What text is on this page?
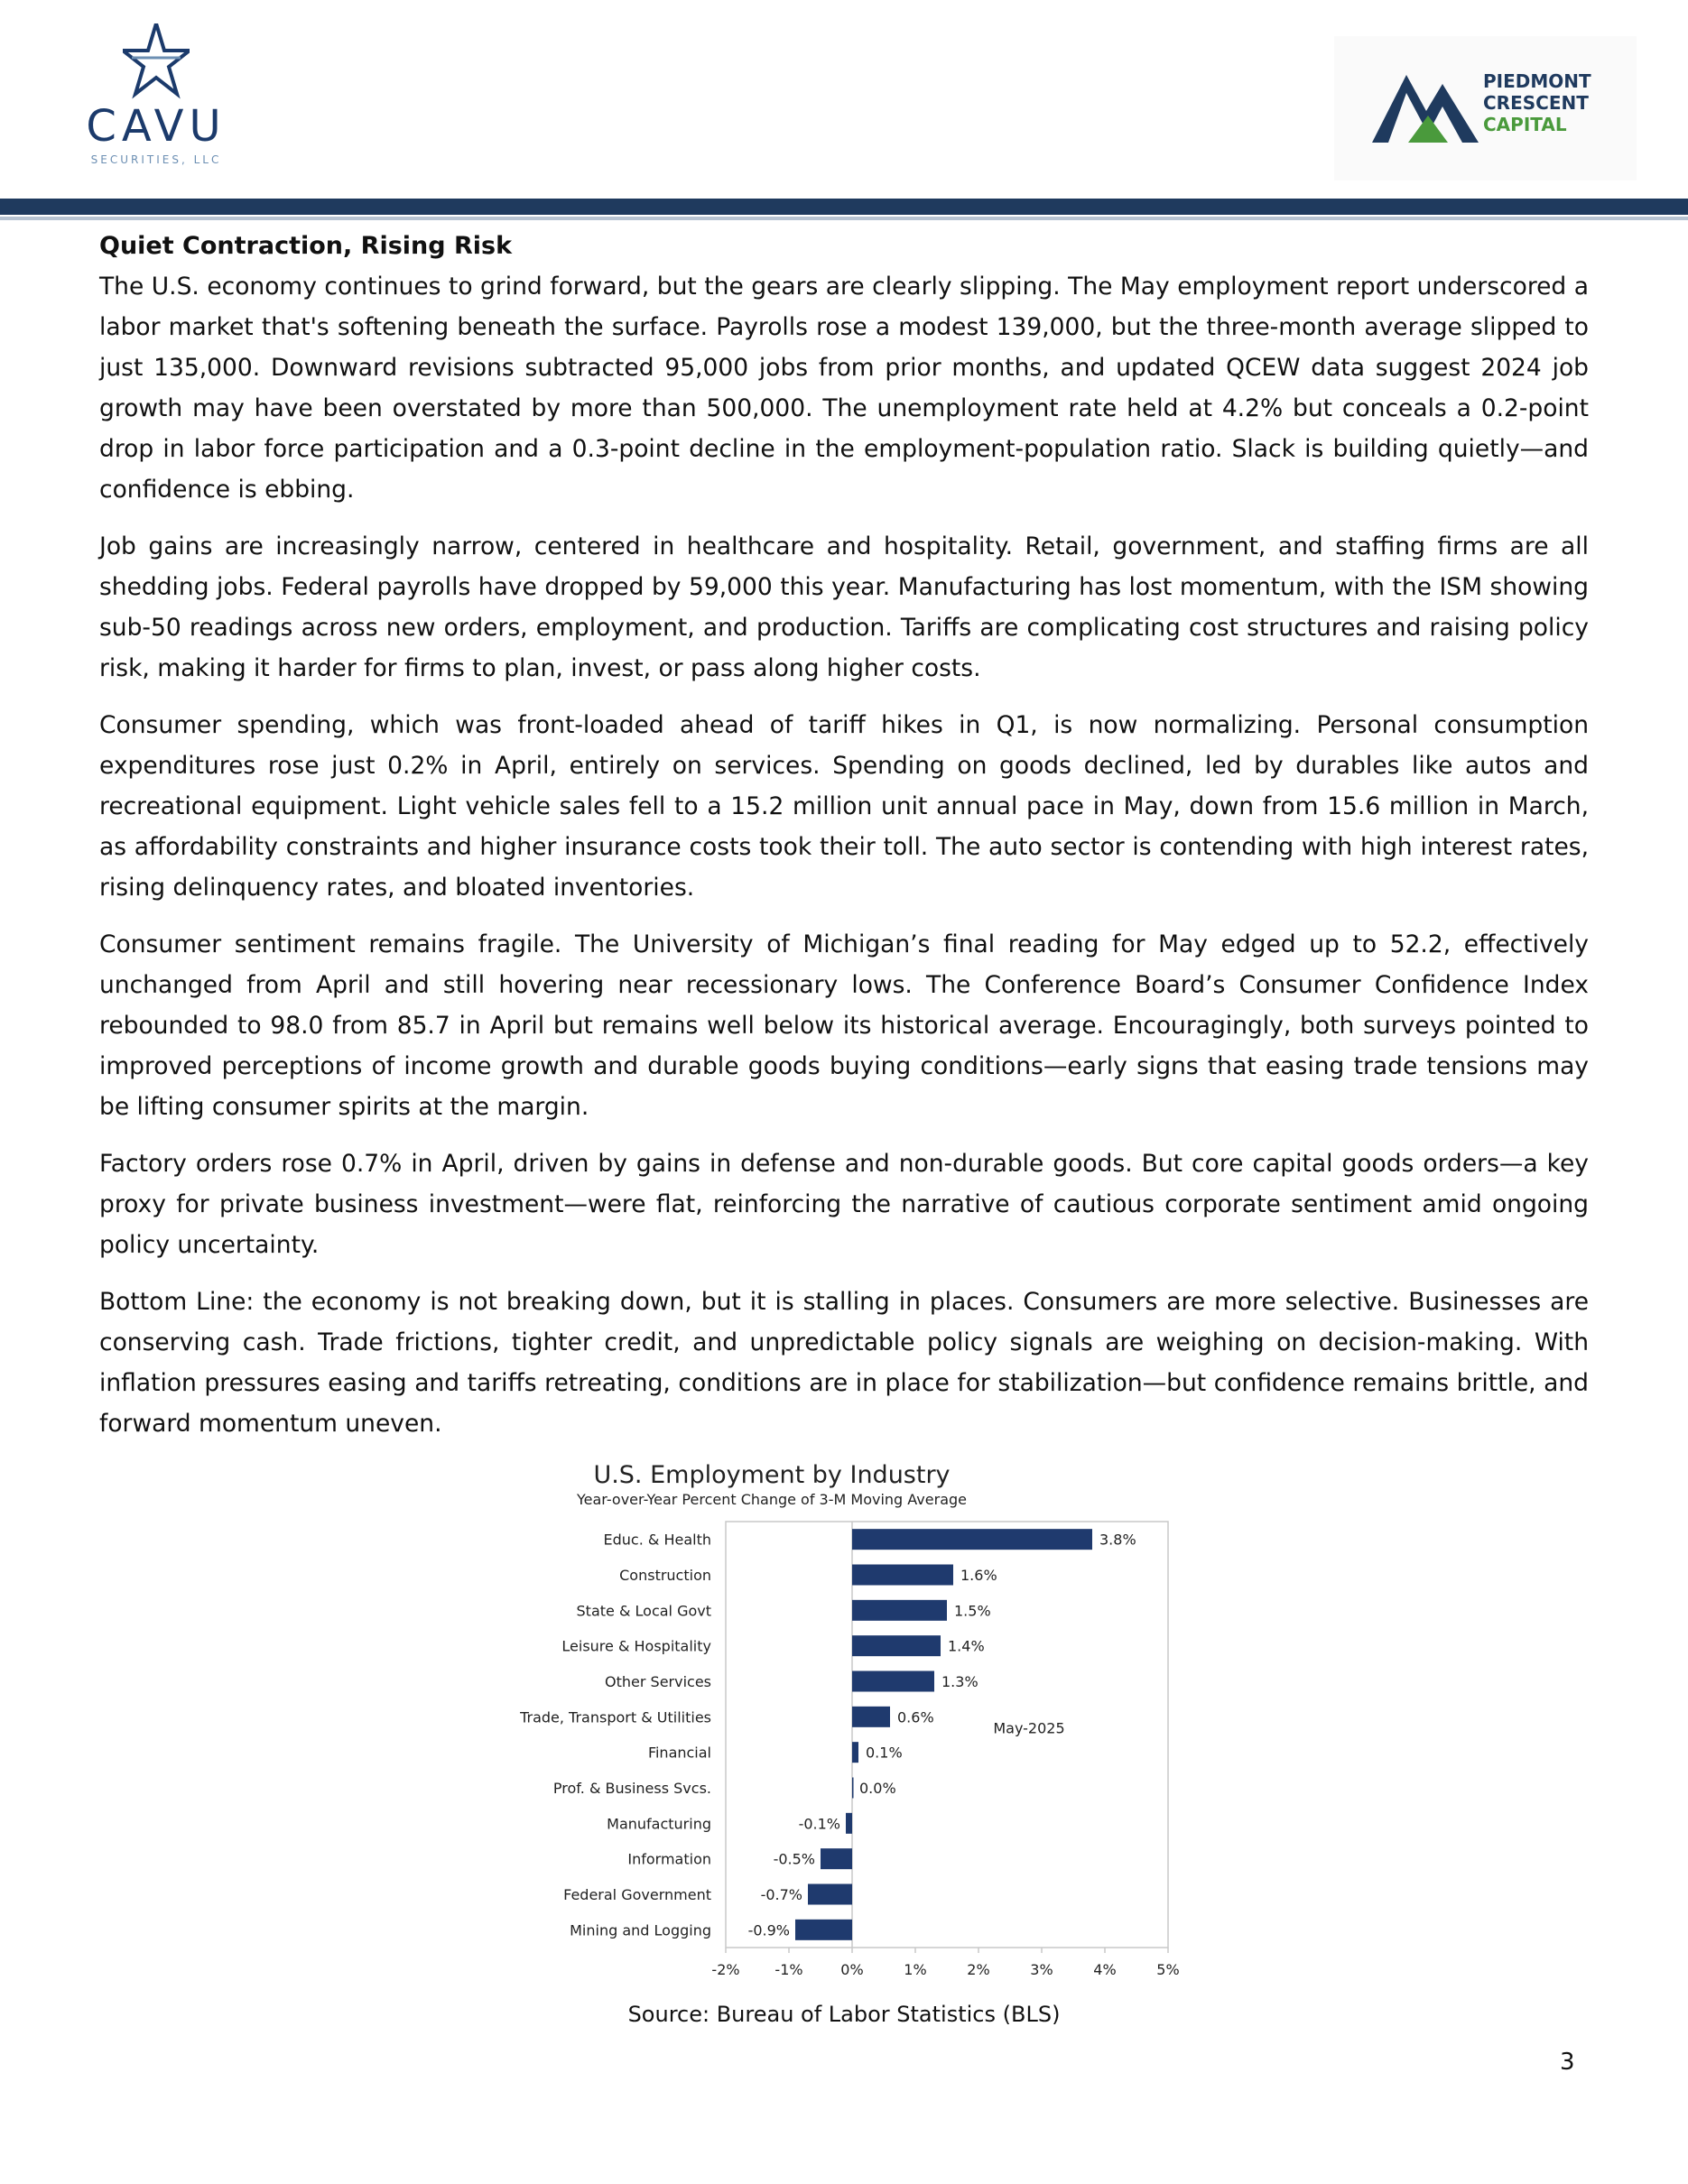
CAVU
SECURITIES, LLC
PIEDMONT
CRESCENT
CAPITAL
Quiet Contraction, Rising Risk

The U.S. economy continues to grind forward, but the gears are clearly slipping. The May employment report underscored a labor market that's softening beneath the surface. Payrolls rose a modest 139,000, but the three-month average slipped to just 135,000. Downward revisions subtracted 95,000 jobs from prior months, and updated QCEW data suggest 2024 job growth may have been overstated by more than 500,000. The unemployment rate held at 4.2% but conceals a 0.2-point drop in labor force participation and a 0.3-point decline in the employment-population ratio. Slack is building quietly—and confidence is ebbing.

Job gains are increasingly narrow, centered in healthcare and hospitality. Retail, government, and staffing firms are all shedding jobs. Federal payrolls have dropped by 59,000 this year. Manufacturing has lost momentum, with the ISM showing sub-50 readings across new orders, employment, and production. Tariffs are complicating cost structures and raising policy risk, making it harder for firms to plan, invest, or pass along higher costs.

Consumer spending, which was front-loaded ahead of tariff hikes in Q1, is now normalizing. Personal consumption expenditures rose just 0.2% in April, entirely on services. Spending on goods declined, led by durables like autos and recreational equipment. Light vehicle sales fell to a 15.2 million unit annual pace in May, down from 15.6 million in March, as affordability constraints and higher insurance costs took their toll. The auto sector is contending with high interest rates, rising delinquency rates, and bloated inventories.

Consumer sentiment remains fragile. The University of Michigan’s final reading for May edged up to 52.2, effectively unchanged from April and still hovering near recessionary lows. The Conference Board’s Consumer Confidence Index rebounded to 98.0 from 85.7 in April but remains well below its historical average. Encouragingly, both surveys pointed to improved perceptions of income growth and durable goods buying conditions—early signs that easing trade tensions may be lifting consumer spirits at the margin.

Factory orders rose 0.7% in April, driven by gains in defense and non-durable goods. But core capital goods orders—a key proxy for private business investment—were flat, reinforcing the narrative of cautious corporate sentiment amid ongoing policy uncertainty.

Bottom Line: the economy is not breaking down, but it is stalling in places. Consumers are more selective. Businesses are conserving cash. Trade frictions, tighter credit, and unpredictable policy signals are weighing on decision-making. With inflation pressures easing and tariffs retreating, conditions are in place for stabilization—but confidence remains brittle, and forward momentum uneven.

U.S. Employment by Industry
Year-over-Year Percent Change of 3-M Moving Average
Educ. & Health	3.8%
Construction	1.6%
State & Local Govt	1.5%
Leisure & Hospitality	1.4%
Other Services	1.3%
Trade, Transport & Utilities	0.6%
Financial	0.1%
Prof. & Business Svcs.	0.0%
Manufacturing	-0.1%
Information	-0.5%
Federal Government	-0.7%
Mining and Logging	-0.9%
-2% -1%	0%	1%	2%	3%	4%	5%
May-2025
Source: Bureau of Labor Statistics (BLS)
3
